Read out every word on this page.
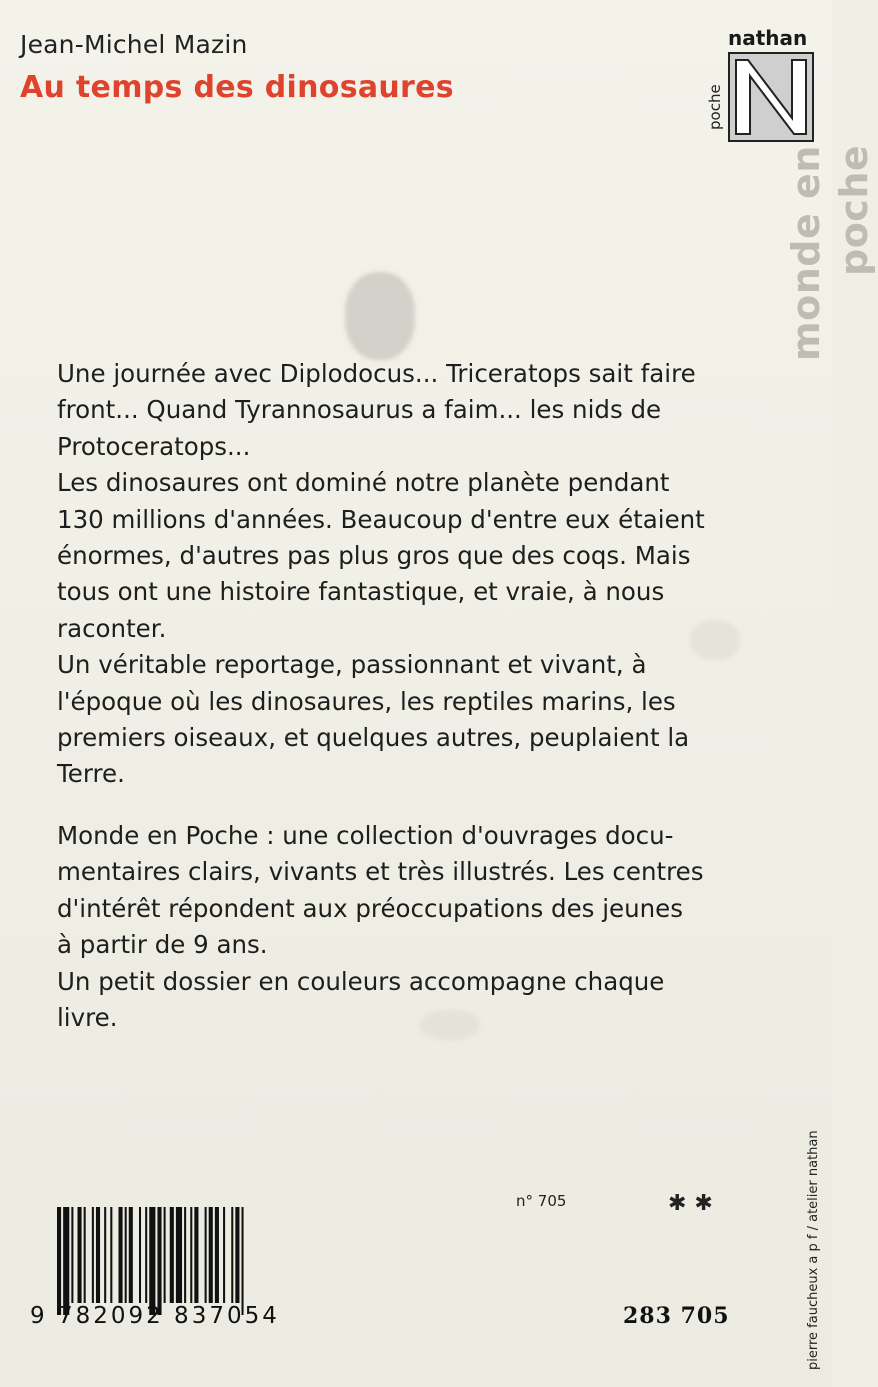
Jean-Michel Mazin
Au temps des dinosaures	poche
nathan
monde en poche
Une journée avec Diplodocus... Triceratops sait faire
front... Quand Tyrannosaurus a faim... les nids de
Protoceratops...
Les dinosaures ont dominé notre planète pendant
130 millions d'années. Beaucoup d'entre eux étaient
énormes, d'autres pas plus gros que des coqs. Mais
tous ont une histoire fantastique, et vraie, à nous
raconter.
Un véritable reportage, passionnant et vivant, à
l'époque où les dinosaures, les reptiles marins, les
premiers oiseaux, et quelques autres, peuplaient la
Terre.
Monde en Poche : une collection d'ouvrages docu-
mentaires clairs, vivants et très illustrés. Les centres
d'intérêt répondent aux préoccupations des jeunes
à partir de 9 ans.
Un petit dossier en couleurs accompagne chaque
livre.
n° 705	✱✱
9 782092 837054	283 705	pierre faucheux a p f / atelier nathan
